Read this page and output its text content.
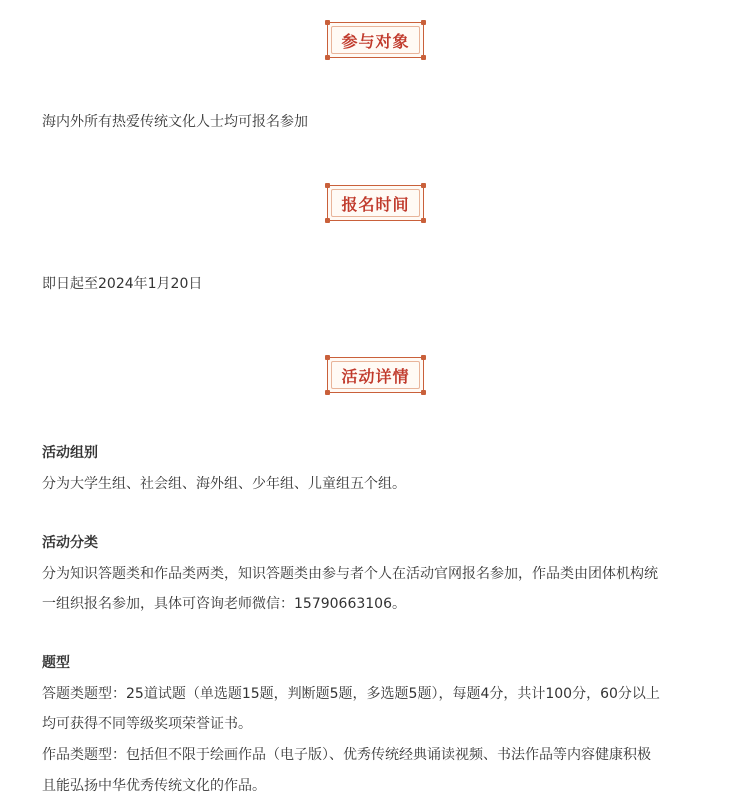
参与对象

海内外所有热爱传统文化人士均可报名参加

报名时间

即日起至2024年1月20日

活动详情

活动组别

分为大学生组、社会组、海外组、少年组、儿童组五个组。

活动分类

分为知识答题类和作品类两类，知识答题类由参与者个人在活动官网报名参加，作品类由团体机构统

一组织报名参加，具体可咨询老师微信：15790663106。

题型

答题类题型：25道试题（单选题15题，判断题5题，多选题5题），每题4分，共计100分，60分以上

均可获得不同等级奖项荣誉证书。

作品类题型：包括但不限于绘画作品（电子版）、优秀传统经典诵读视频、书法作品等内容健康积极

且能弘扬中华优秀传统文化的作品。
